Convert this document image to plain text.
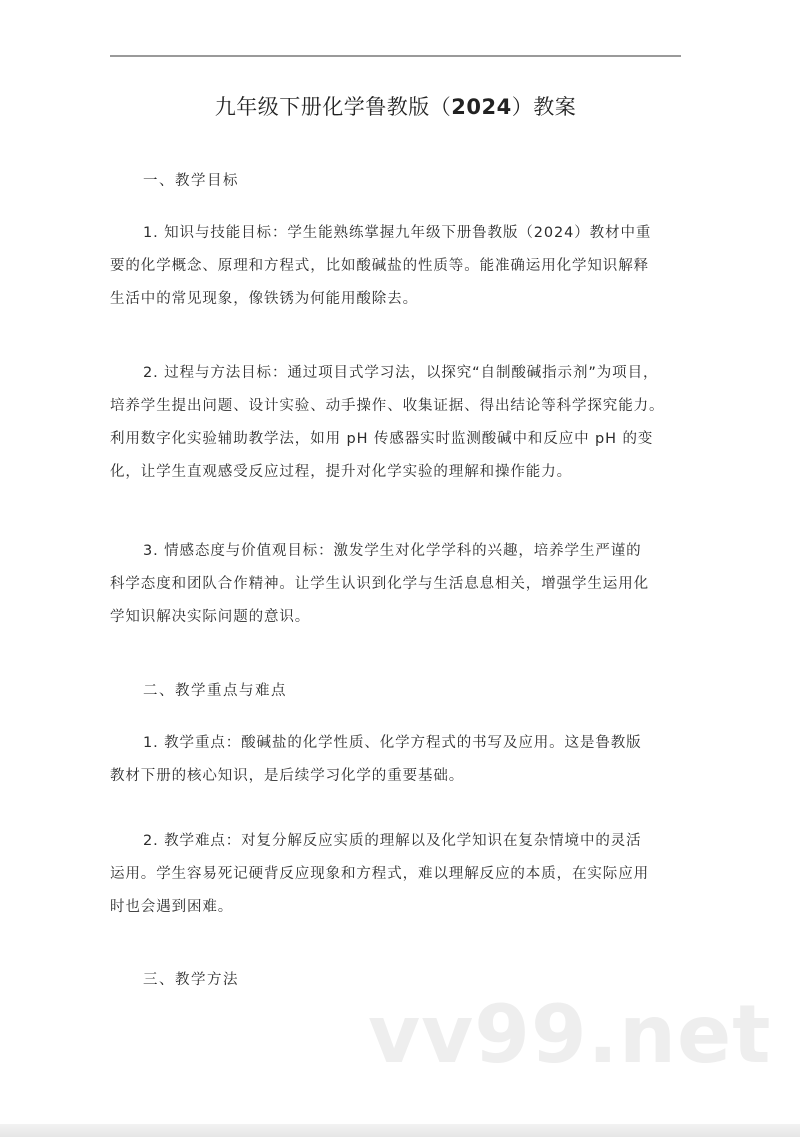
九年级下册化学鲁教版（2024）教案
一、教学目标
1. 知识与技能目标：学生能熟练掌握九年级下册鲁教版（2024）教材中重
要的化学概念、原理和方程式，比如酸碱盐的性质等。能准确运用化学知识解释
生活中的常见现象，像铁锈为何能用酸除去。
2. 过程与方法目标：通过项目式学习法，以探究“自制酸碱指示剂”为项目，
培养学生提出问题、设计实验、动手操作、收集证据、得出结论等科学探究能力。
利用数字化实验辅助教学法，如用 pH 传感器实时监测酸碱中和反应中 pH 的变
化，让学生直观感受反应过程，提升对化学实验的理解和操作能力。
3. 情感态度与价值观目标：激发学生对化学学科的兴趣，培养学生严谨的
科学态度和团队合作精神。让学生认识到化学与生活息息相关，增强学生运用化
学知识解决实际问题的意识。
二、教学重点与难点
1. 教学重点：酸碱盐的化学性质、化学方程式的书写及应用。这是鲁教版
教材下册的核心知识，是后续学习化学的重要基础。
2. 教学难点：对复分解反应实质的理解以及化学知识在复杂情境中的灵活
运用。学生容易死记硬背反应现象和方程式，难以理解反应的本质，在实际应用
时也会遇到困难。
三、教学方法
vv99.net
